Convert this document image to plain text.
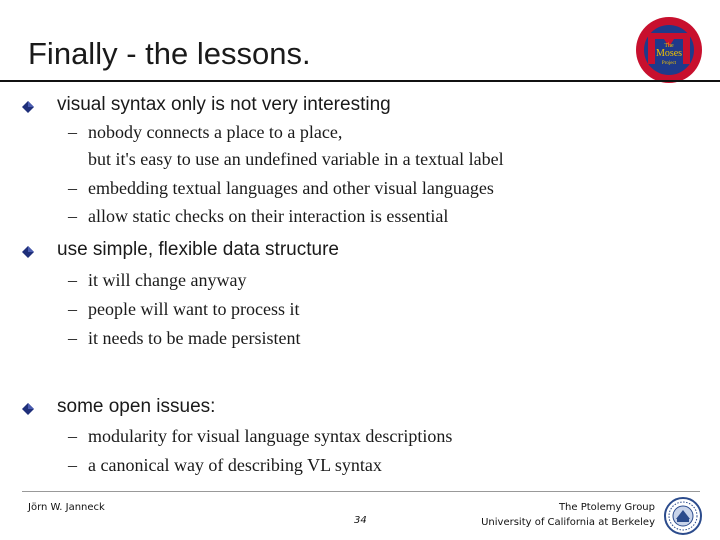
Finally - the lessons.	The
Moses
Project
visual syntax only is not very interesting
– nobody connects a place to a place,
but it's easy to use an undefined variable in a textual label
– embedding textual languages and other visual languages
– allow static checks on their interaction is essential
use simple, flexible data structure
– it will change anyway
– people will want to process it
– it needs to be made persistent
some open issues:
– modularity for visual language syntax descriptions
– a canonical way of describing VL syntax
Jörn W. Janneck
34
The Ptolemy Group
University of California at Berkeley
